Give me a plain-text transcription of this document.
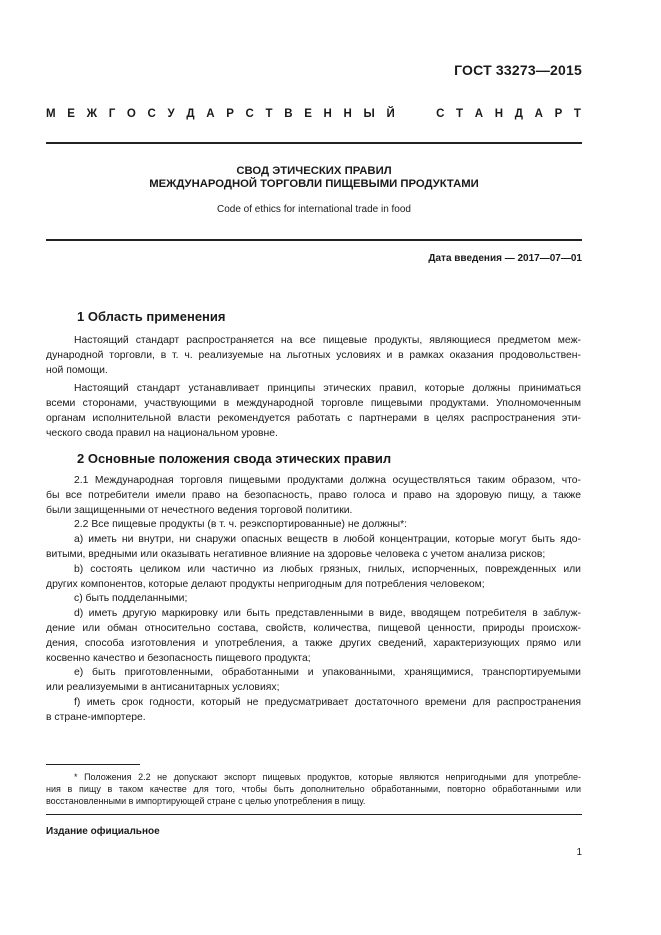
ГОСТ 33273—2015
М Е Ж Г О С У Д А Р С Т В Е Н Н Ы Й
	С Т А Н Д А Р Т
СВОД ЭТИЧЕСКИХ ПРАВИЛ
МЕЖДУНАРОДНОЙ ТОРГОВЛИ ПИЩЕВЫМИ ПРОДУКТАМИ
Code of ethics for international trade in food
Дата введения — 2017—07—01
1 Область применения
Настоящий стандарт распространяется на все пищевые продукты, являющиеся предметом меж-
дународной торговли, в т. ч. реализуемые на льготных условиях и в рамках оказания продовольствен-
ной помощи.
Настоящий стандарт устанавливает принципы этических правил, которые должны приниматься
всеми сторонами, участвующими в международной торговле пищевыми продуктами. Уполномоченным
органам исполнительной власти рекомендуется работать с партнерами в целях распространения эти-
ческого свода правил на национальном уровне.
2 Основные положения свода этических правил
2.1 Международная торговля пищевыми продуктами должна осуществляться таким образом, что-
бы все потребители имели право на безопасность, право голоса и право на здоровую пищу, а также
были защищенными от нечестного ведения торговой политики.
2.2 Все пищевые продукты (в т. ч. реэкспортированные) не должны*:
а) иметь ни внутри, ни снаружи опасных веществ в любой концентрации, которые могут быть ядо-
витыми, вредными или оказывать негативное влияние на здоровье человека с учетом анализа рисков;
b) состоять целиком или частично из любых грязных, гнилых, испорченных, поврежденных или
других компонентов, которые делают продукты непригодным для потребления человеком;
с) быть подделанными;
d) иметь другую маркировку или быть представленными в виде, вводящем потребителя в заблуж-
дение или обман относительно состава, свойств, количества, пищевой ценности, природы происхож-
дения, способа изготовления и употребления, а также других сведений, характеризующих прямо или
косвенно качество и безопасность пищевого продукта;
е) быть приготовленными, обработанными и упакованными, хранящимися, транспортируемыми
или реализуемыми в антисанитарных условиях;
f) иметь срок годности, который не предусматривает достаточного времени для распространения
в стране-импортере.
* Положения 2.2 не допускают экспорт пищевых продуктов, которые являются непригодными для употребле-
ния в пищу в таком качестве для того, чтобы быть дополнительно обработанными, повторно обработанными или
восстановленными в импортирующей стране с целью употребления в пищу.
Издание официальное
1
